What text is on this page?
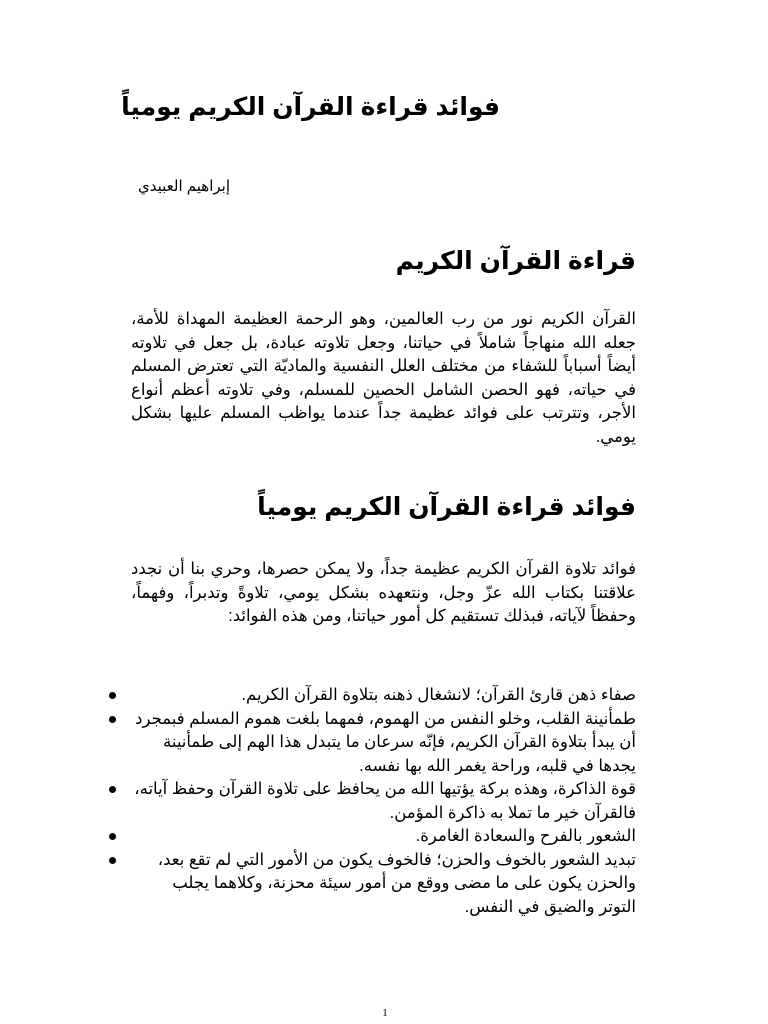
فوائد قراءة القرآن الكريم يومياً

إبراهيم العبيدي

قراءة القرآن الكريم

القرآن الكريم نور من رب العالمين، وهو الرحمة العظيمة المهداة للأمة، جعله الله منهاجاً شاملاً في حياتنا، وجعل تلاوته عبادة، بل جعل في تلاوته أيضاً أسباباً للشفاء من مختلف العلل النفسية والماديّة التي تعترض المسلم في حياته، فهو الحصن الشامل الحصين للمسلم، وفي تلاوته أعظم أنواع الأجر، وتترتب على فوائد عظيمة جداً عندما يواظب المسلم عليها بشكل يومي.

فوائد قراءة القرآن الكريم يومياً

فوائد تلاوة القرآن الكريم عظيمة جداً، ولا يمكن حصرها، وحري بنا أن نجدد علاقتنا بكتاب الله عزّ وجل، ونتعهده بشكل يومي، تلاوةً وتدبراً، وفهماً، وحفظاً لآياته، فبذلك تستقيم كل أمور حياتنا، ومن هذه الفوائد:

صفاء ذهن قارئ القرآن؛ لانشغال ذهنه بتلاوة القرآن الكريم.
طمأنينة القلب، وخلو النفس من الهموم، فمهما بلغت هموم المسلم فبمجرد أن يبدأ بتلاوة القرآن الكريم، فإنّه سرعان ما يتبدل هذا الهم إلى طمأنينة يجدها في قلبه، وراحة يغمر الله بها نفسه.
قوة الذاكرة، وهذه بركة يؤتيها الله من يحافظ على تلاوة القرآن وحفظ آياته، فالقرآن خير ما تملا به ذاكرة المؤمن.
الشعور بالفرح والسعادة الغامرة.
تبديد الشعور بالخوف والحزن؛ فالخوف يكون من الأمور التي لم تقع بعد، والحزن يكون على ما مضى ووقع من أمور سيئة محزنة، وكلاهما يجلب التوتر والضيق في النفس.

1
